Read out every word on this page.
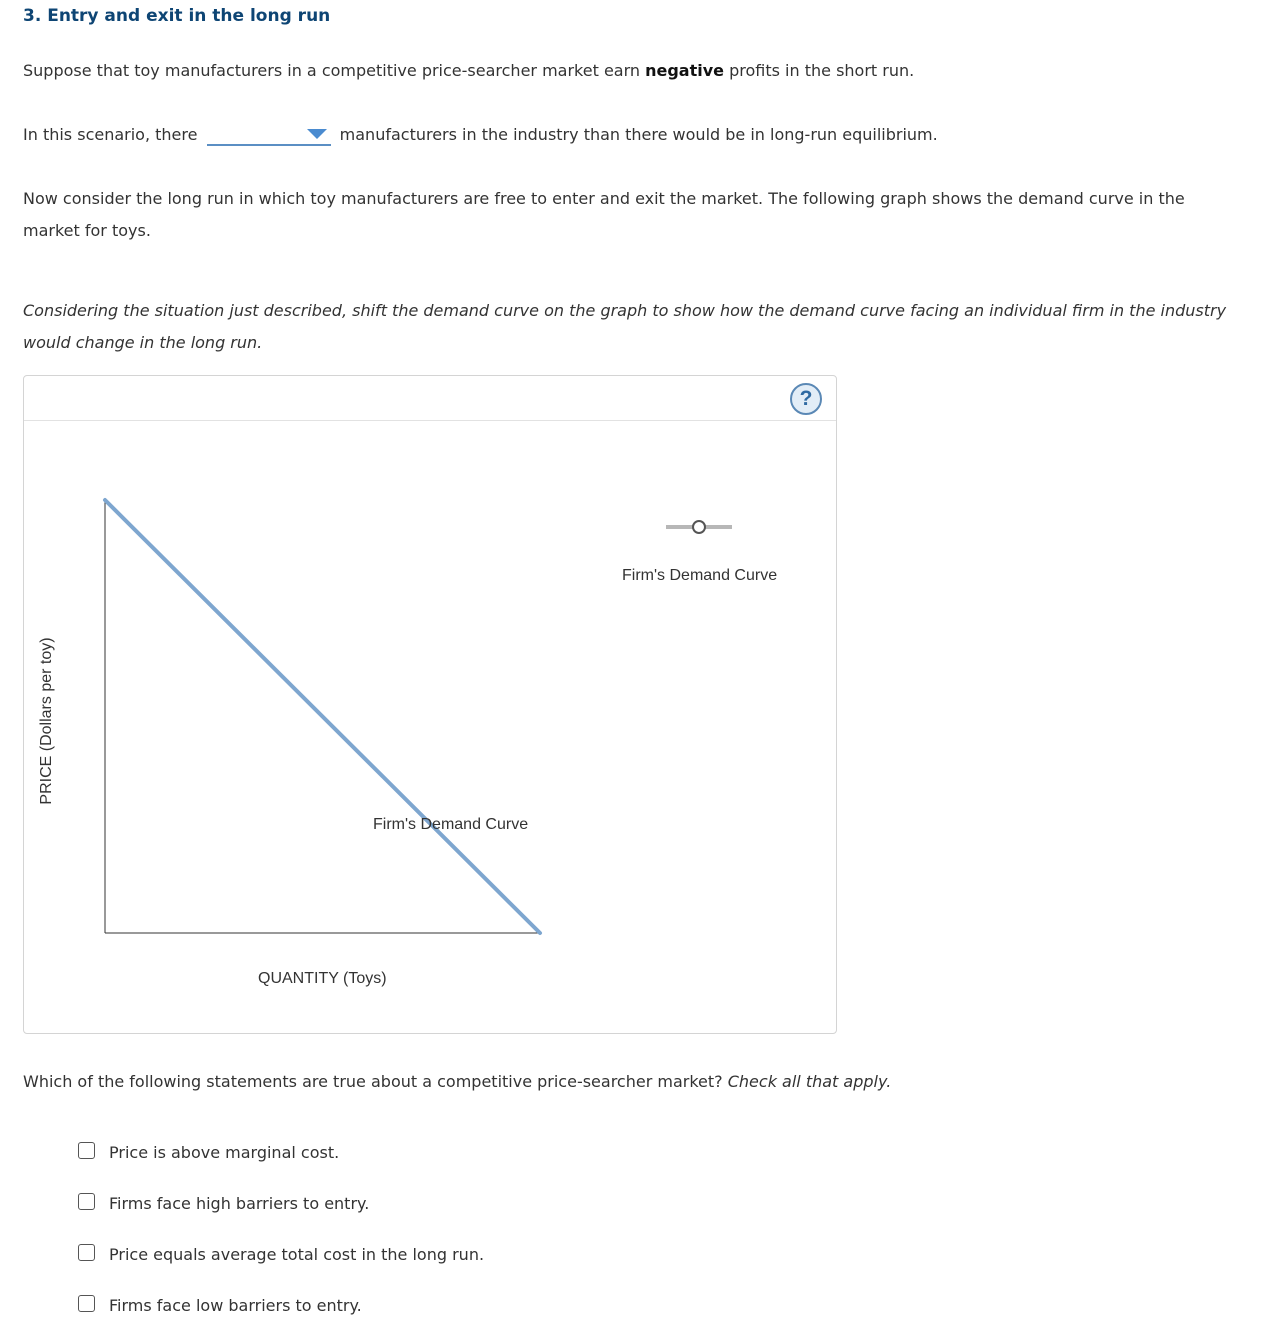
3. Entry and exit in the long run
Suppose that toy manufacturers in a competitive price-searcher market earn negative profits in the short run.
In this scenario, there	manufacturers in the industry than there would be in long-run equilibrium.
Now consider the long run in which toy manufacturers are free to enter and exit the market. The following graph shows the demand curve in the market for toys.
Considering the situation just described, shift the demand curve on the graph to show how the demand curve facing an individual firm in the industry would change in the long run.
?
PRICE (Dollars per toy)
Firm's Demand Curve
QUANTITY (Toys)
Firm's Demand Curve
Which of the following statements are true about a competitive price-searcher market? Check all that apply.
Price is above marginal cost.
Firms face high barriers to entry.
Price equals average total cost in the long run.
Firms face low barriers to entry.
